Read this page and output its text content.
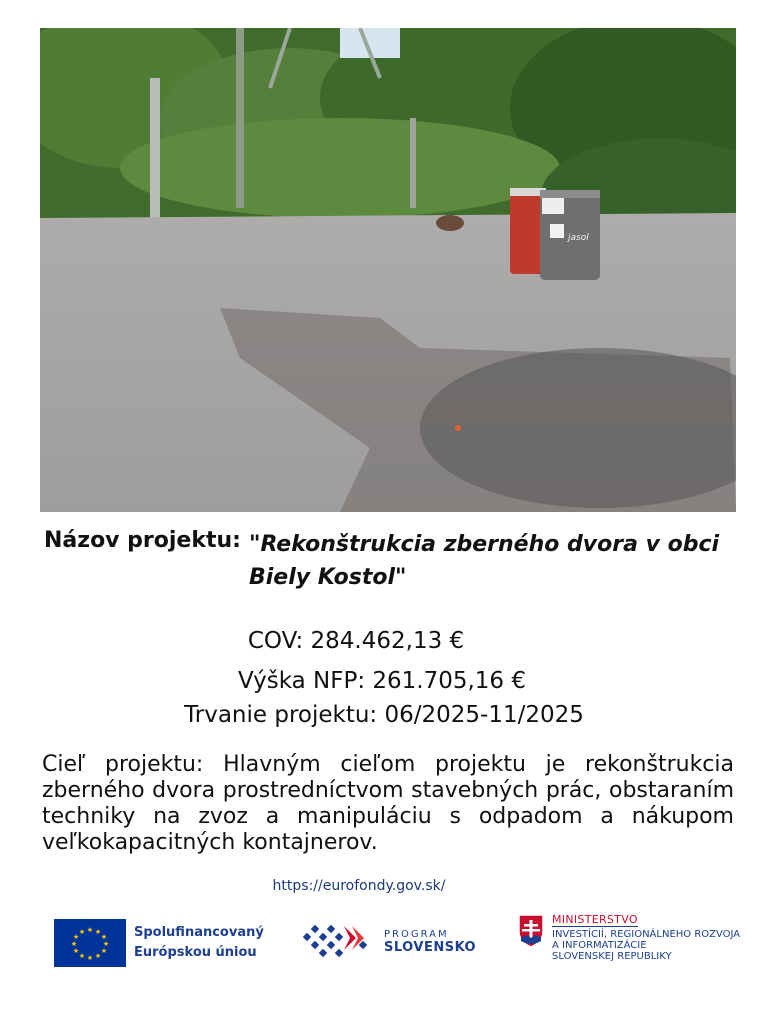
jasol
Názov projektu: "Rekonštrukcia zberného dvora v obci Biely Kostol"
COV: 284.462,13 €
Výška NFP: 261.705,16 €
Trvanie projektu: 06/2025-11/2025
Cieľ projektu: Hlavným cieľom projektu je rekonštrukcia zberného dvora prostredníctvom stavebných prác, obstaraním techniky na zvoz a manipuláciu s odpadom a nákupom veľkokapacitných kontajnerov.
https://eurofondy.gov.sk/
★ ★
★
★
★
★
★
★
★
★
★
★	Spolufinancovaný
Európskou úniou
PROGRAM
SLOVENSKO
MINISTERSTVO
INVESTÍCIÍ, REGIONÁLNEHO ROZVOJA
A INFORMATIZÁCIE
SLOVENSKEJ REPUBLIKY
